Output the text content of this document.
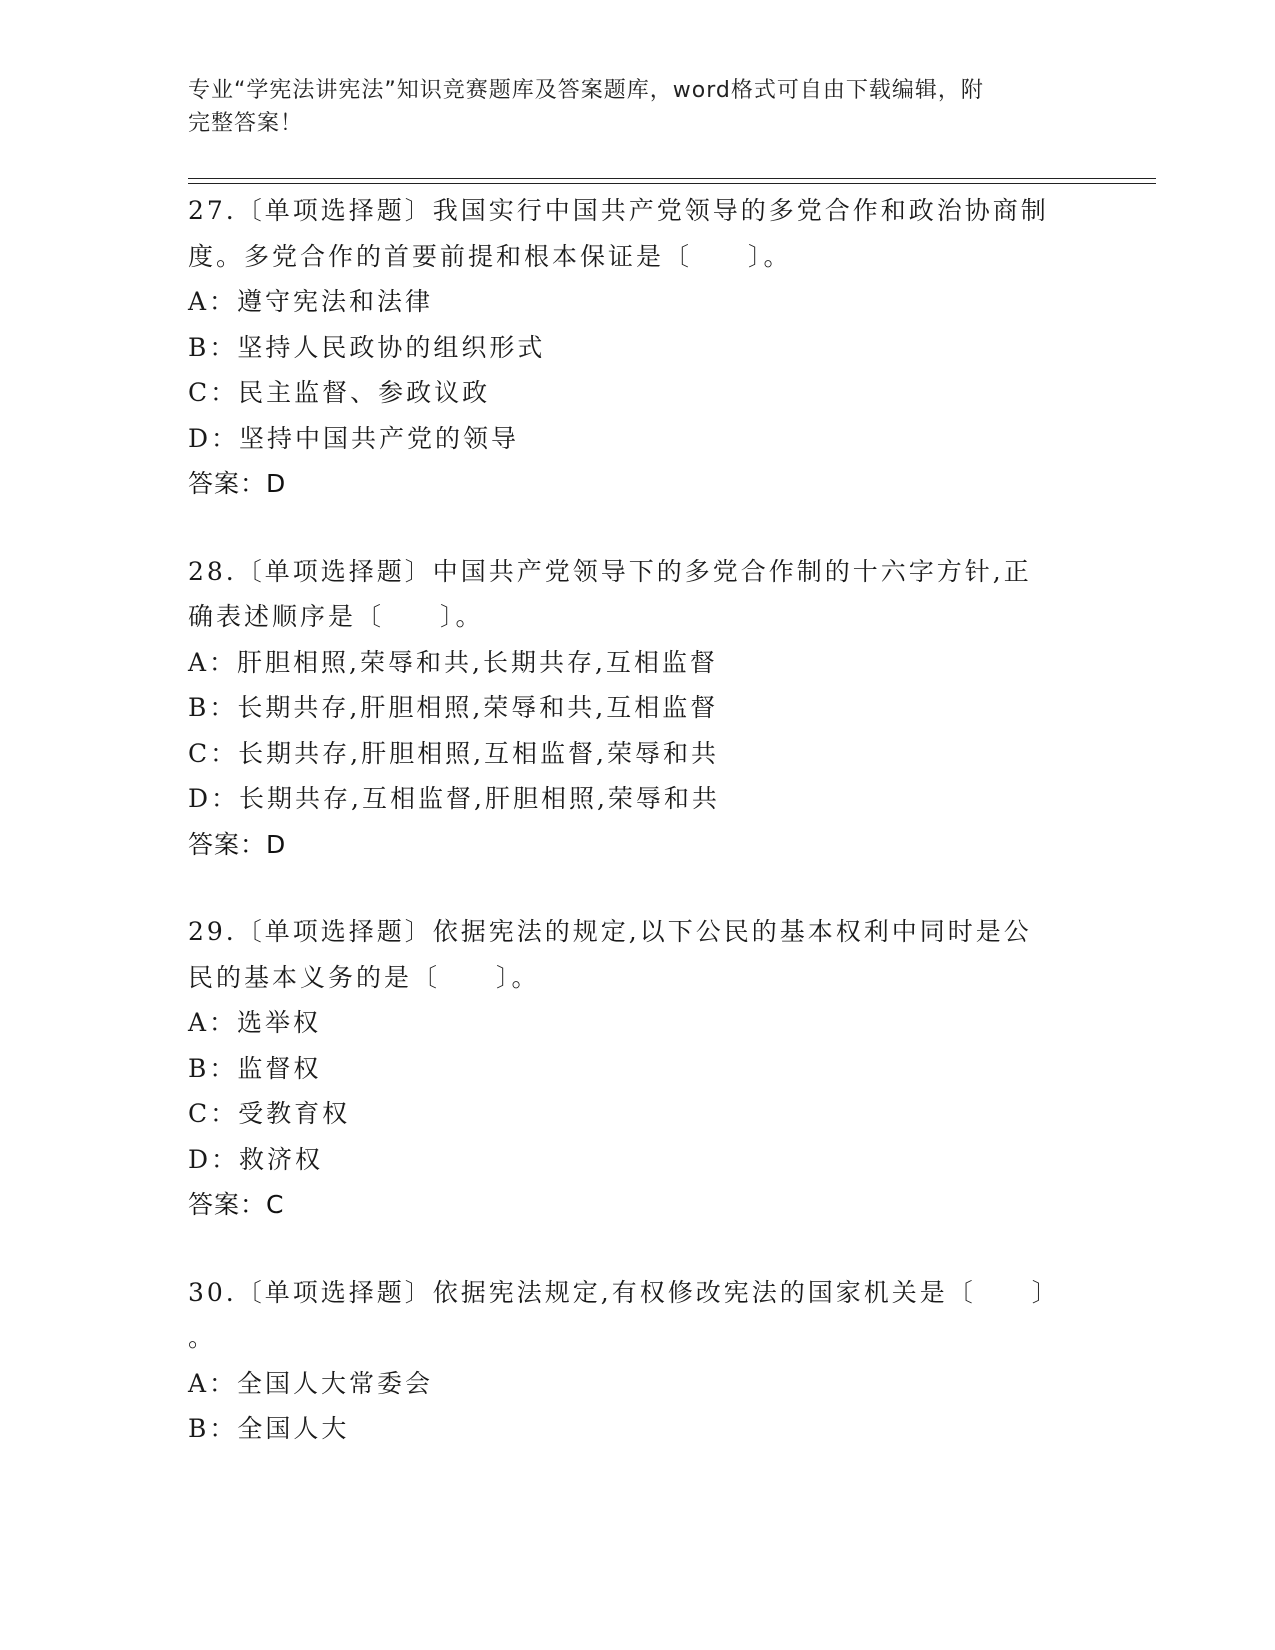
专业“学宪法讲宪法”知识竞赛题库及答案题库，word格式可自由下载编辑，附
完整答案！
27.〔单项选择题〕我国实行中国共产党领导的多党合作和政治协商制
度。多党合作的首要前提和根本保证是〔　　〕。
A：遵守宪法和法律
B：坚持人民政协的组织形式
C：民主监督、参政议政
D：坚持中国共产党的领导
答案：D
28.〔单项选择题〕中国共产党领导下的多党合作制的十六字方针,正
确表述顺序是〔　　〕。
A：肝胆相照,荣辱和共,长期共存,互相监督
B：长期共存,肝胆相照,荣辱和共,互相监督
C：长期共存,肝胆相照,互相监督,荣辱和共
D：长期共存,互相监督,肝胆相照,荣辱和共
答案：D
29.〔单项选择题〕依据宪法的规定,以下公民的基本权利中同时是公
民的基本义务的是〔　　〕。
A：选举权
B：监督权
C：受教育权
D：救济权
答案：C
30.〔单项选择题〕依据宪法规定,有权修改宪法的国家机关是〔　　〕
。
A：全国人大常委会
B：全国人大
